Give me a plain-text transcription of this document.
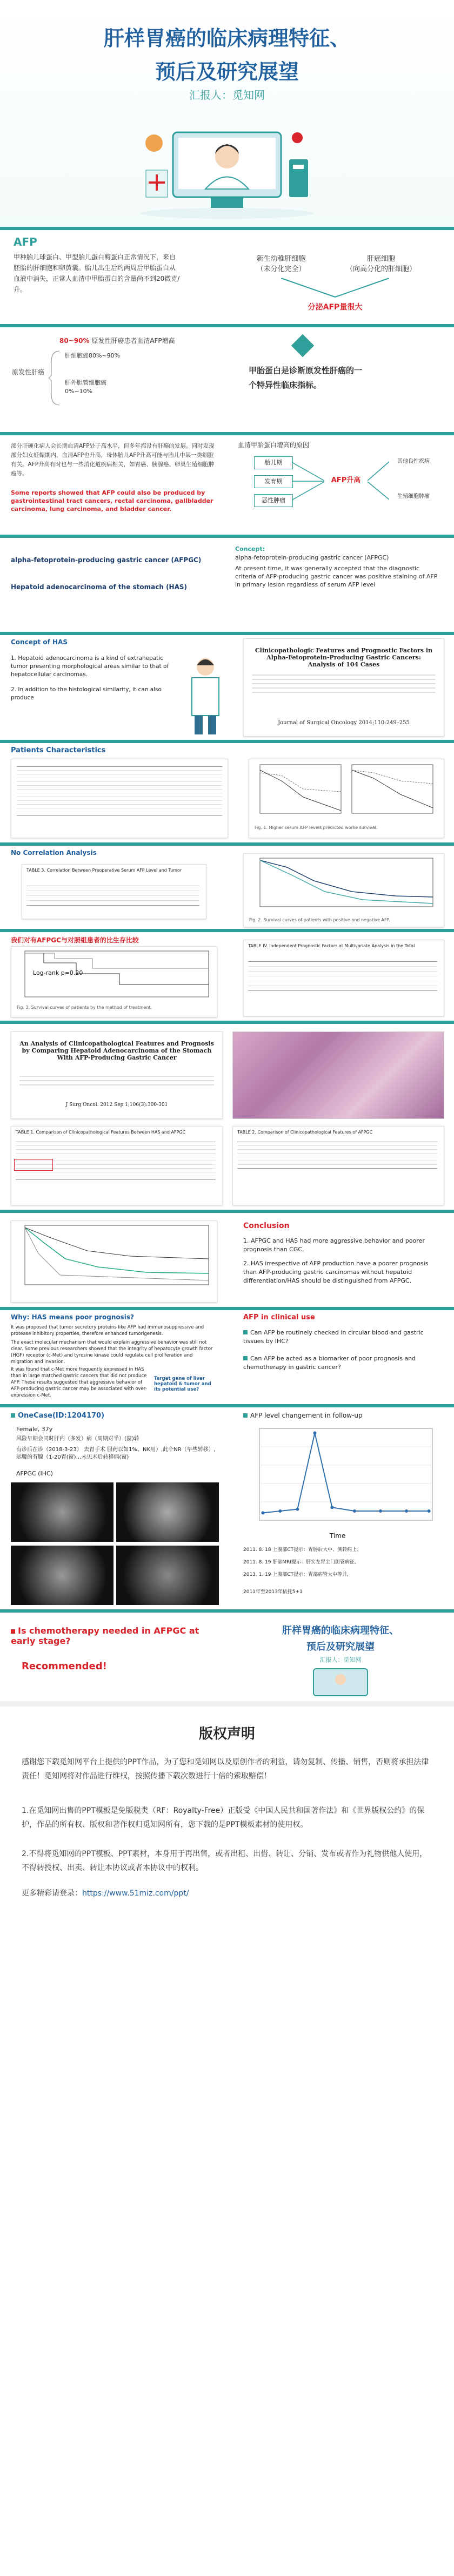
肝样胃癌的临床病理特征、
预后及研究展望
汇报人：觅知网
AFP
甲种胎儿球蛋白、甲型胎儿蛋白酶蛋白正常情况下，来自胚胎的肝细胞和卵黄囊。胎儿出生后约两周后甲胎蛋白从血液中消失，正常人血清中甲胎蛋白的含量尚不到20微克/升。
新生幼稚肝细胞
（未分化完全）
肝癌细胞
（向高分化的肝细胞）
分泌AFP量很大
80~90% 原发性肝癌患者血清AFP增高
原发性肝癌
肝细胞癌80%~90%
肝外胆管细胞癌
0%~10%
甲胎蛋白是诊断原发性肝癌的一
个特异性临床指标。
部分肝硬化病人会长期血清AFP处于高水平，但多年都没有肝癌的发展。同时发现部分妇女妊娠期内，血清AFP也升高，母体胎儿AFP升高可能与胎儿中某一类细胞有关。AFP升高有时也与一些消化道疾病相关，如胃癌、胰腺癌、卵巢生殖细胞肿瘤等。
Some reports showed that AFP could also be produced by gastrointestinal tract cancers, rectal carcinoma, gallbladder carcinoma, lung carcinoma, and bladder cancer.
血清甲胎蛋白增高的原因
胎儿期
发育期
恶性肿瘤
AFP升高
其他良性疾病
生殖细胞肿瘤
alpha-fetoprotein-producing gastric cancer (AFPGC)
Hepatoid adenocarcinoma of the stomach (HAS)
Concept:
alpha-fetoprotein-producing gastric cancer (AFPGC)
At present time, it was generally accepted that the diagnostic criteria of AFP-producing gastric cancer was positive staining of AFP in primary lesion regardless of serum AFP level
Concept of HAS
1. Hepatoid adenocarcinoma is a kind of extrahepatic tumor presenting morphological areas similar to that of hepatocellular carcinomas.
2. In addition to the histological similarity, it can also produce
Clinicopathologic Features and Prognostic Factors in Alpha-Fetoprotein-Producing Gastric Cancers: Analysis of 104 Cases
Journal of Surgical Oncology 2014;110:249–255
Patients Characteristics
Fig. 1. Higher serum AFP levels predicted worse survival.
No Correlation Analysis
TABLE 3. Correlation Between Preoperative Serum AFP Level and Tumor
Fig. 2. Survival curves of patients with positive and negative AFP.
我们对有AFPGC与对照组患者的比生存比较
Log-rank p=0.20
Fig. 3. Survival curves of patients by the method of treatment.
TABLE IV. Independent Prognostic Factors at Multivariate Analysis in the Total
An Analysis of Clinicopathological Features and Prognosis by Comparing Hepatoid Adenocarcinoma of the Stomach With AFP-Producing Gastric Cancer
J Surg Oncol. 2012 Sep 1;106(3):300-301
TABLE 1. Comparison of Clinicopathological Features Between HAS and AFPGC	TABLE 2. Comparison of Clinicopathological Features of AFPGC
Conclusion
1. AFPGC and HAS had more aggressive behavior and poorer prognosis than CGC.
2. HAS irrespective of AFP production have a poorer prognosis than AFP-producing gastric carcinomas without hepatoid differentiation/HAS should be distinguished from AFPGC.
Why: HAS means poor prognosis?
It was proposed that tumor secretory proteins like AFP had immunosuppressive and protease inhibitory properties, therefore enhanced tumorigenesis.
The exact molecular mechanism that would explain aggressive behavior was still not clear. Some previous researchers showed that the integrity of hepatocyte growth factor (HGF) receptor (c-Met) and tyrosine kinase could regulate cell proliferation and migration and invasion.
It was found that c-Met more frequently expressed in HAS than in large matched gastric cancers that did not produce AFP. These results suggested that aggressive behavior of AFP-producing gastric cancer may be associated with over-expression c-Met.
Target gene of liver hepatoid & tumor and its potential use?
AFP in clinical use
Can AFP be routinely checked in circular blood and gastric tissues by IHC?
Can AFP be acted as a biomarker of poor prognosis and chemotherapy in gastric cancer?
OneCase(ID:1204170)
Female, 37y
风险早期会同时肝内（多发）病（周期对半）(窗)转
有诊后在诊（2018-3-23） 去胃手术 服药以如1%、NK用）,此个NR（早些转移）, 远腰的有腺（1-20胃(窗)…未见术后转移病(窗)
AFPGC (IHC)
AFP level changement in follow-up
Time
2011. 8. 18 上腹部CT提示：胃肠后大中、侧转病上、
2011. 8. 19 肝部MRI提示：肝实左胃主门胆管病征、
2013. 1. 19 上腹部CT提示：胃部病管大中等并,
2011年至2013年依托5+1
Is chemotherapy needed in AFPGC at early stage?
Recommended!
肝样胃癌的临床病理特征、
预后及研究展望
汇报人：觅知网
版权声明
感谢您下载觅知网平台上提供的PPT作品，为了您和觅知网以及原创作者的利益，请勿复制、传播、销售，否则将承担法律责任！觅知网将对作品进行维权，按照传播下载次数进行十倍的索取赔偿！
1.在觅知网出售的PPT模板是免版税类（RF：Royalty-Free）正版受《中国人民共和国著作法》和《世界版权公约》的保护，作品的所有权、版权和著作权归觅知网所有，您下载的是PPT模板素材的使用权。
2.不得将觅知网的PPT模板、PPT素材，本身用于再出售，或者出租、出借、转让、分销、发布或者作为礼物供他人使用，不得转授权、出卖、转让本协议或者本协议中的权利。
更多精彩请登录：https://www.51miz.com/ppt/
